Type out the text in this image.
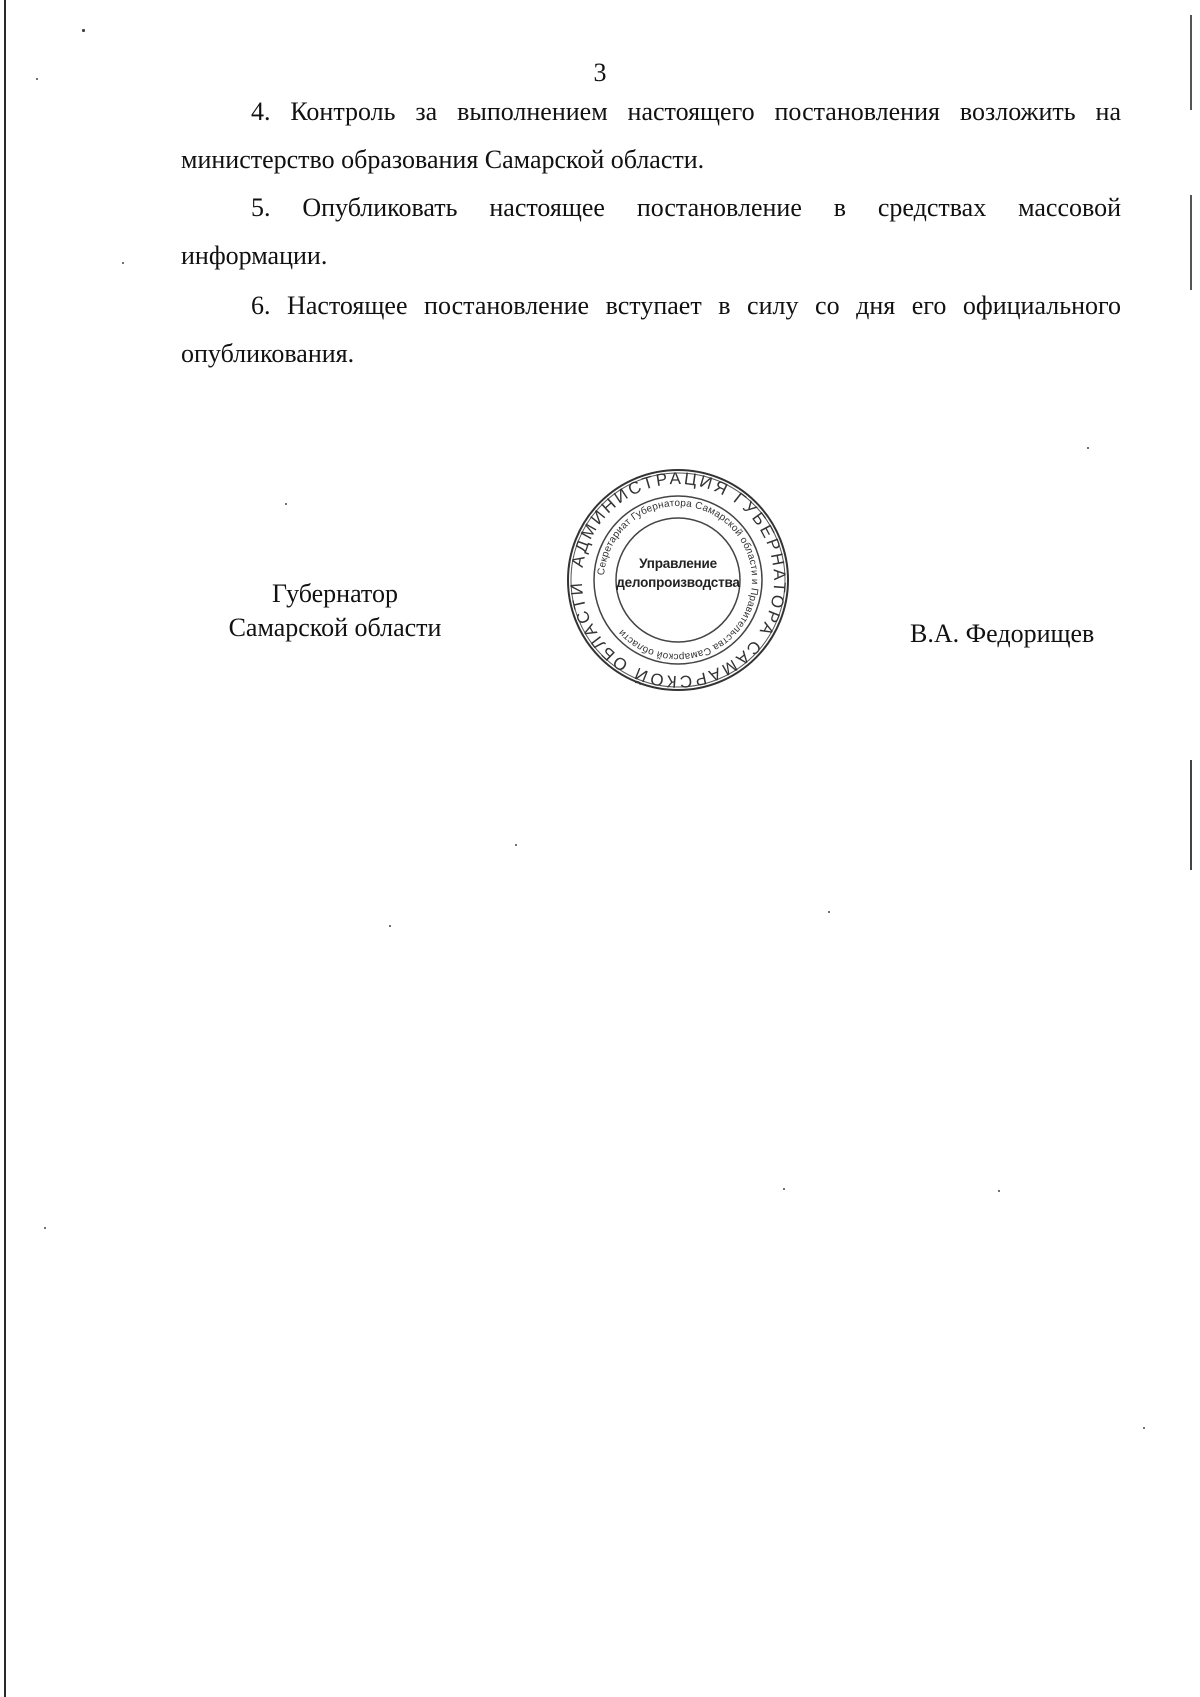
3

4. Контроль за выполнением настоящего постановления возложить на министерство образования Самарской области.

5. Опубликовать настоящее постановление в средствах массовой информации.

6. Настоящее постановление вступает в силу со дня его официального опубликования.

Губернатор
Самарской области
АДМИНИСТРАЦИЯ ГУБЕРНАТОРА САМАРСКОЙ ОБЛАСТИ
Секретариат Губернатора Самарской области и Правительства Самарской области
Управление
делопроизводства
В.А. Федорищев
